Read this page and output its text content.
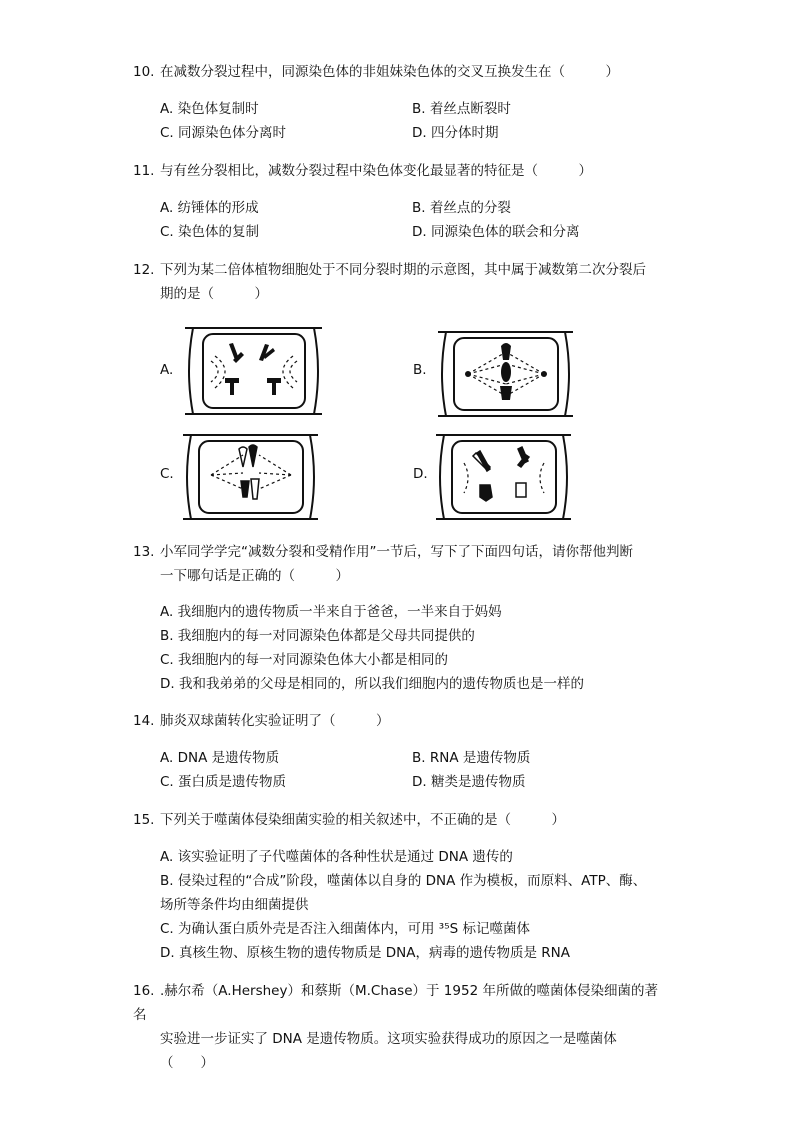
10. 在减数分裂过程中，同源染色体的非姐妹染色体的交叉互换发生在（　　　）
A. 染色体复制时	B. 着丝点断裂时
C. 同源染色体分离时	D. 四分体时期
11. 与有丝分裂相比，减数分裂过程中染色体变化最显著的特征是（　　　）
A. 纺锤体的形成	B. 着丝点的分裂
C. 染色体的复制	D. 同源染色体的联会和分离
12. 下列为某二倍体植物细胞处于不同分裂时期的示意图，其中属于减数第二次分裂后
期的是（　　　）
A.	B.
C.	D.
13. 小军同学学完“减数分裂和受精作用”一节后，写下了下面四句话，请你帮他判断
一下哪句话是正确的（　　　）
A. 我细胞内的遗传物质一半来自于爸爸，一半来自于妈妈
B. 我细胞内的每一对同源染色体都是父母共同提供的
C. 我细胞内的每一对同源染色体大小都是相同的
D. 我和我弟弟的父母是相同的，所以我们细胞内的遗传物质也是一样的
14. 肺炎双球菌转化实验证明了（　　　）
A. DNA 是遗传物质	B. RNA 是遗传物质
C. 蛋白质是遗传物质	D. 糖类是遗传物质
15. 下列关于噬菌体侵染细菌实验的相关叙述中，不正确的是（　　　）
A. 该实验证明了子代噬菌体的各种性状是通过 DNA 遗传的
B. 侵染过程的“合成”阶段，噬菌体以自身的 DNA 作为模板，而原料、ATP、酶、
场所等条件均由细菌提供
C. 为确认蛋白质外壳是否注入细菌体内，可用 ³⁵S 标记噬菌体
D. 真核生物、原核生物的遗传物质是 DNA，病毒的遗传物质是 RNA
16. .赫尔希（A.Hershey）和蔡斯（M.Chase）于 1952 年所做的噬菌体侵染细菌的著名
实验进一步证实了 DNA 是遗传物质。这项实验获得成功的原因之一是噬菌体
（　　）
